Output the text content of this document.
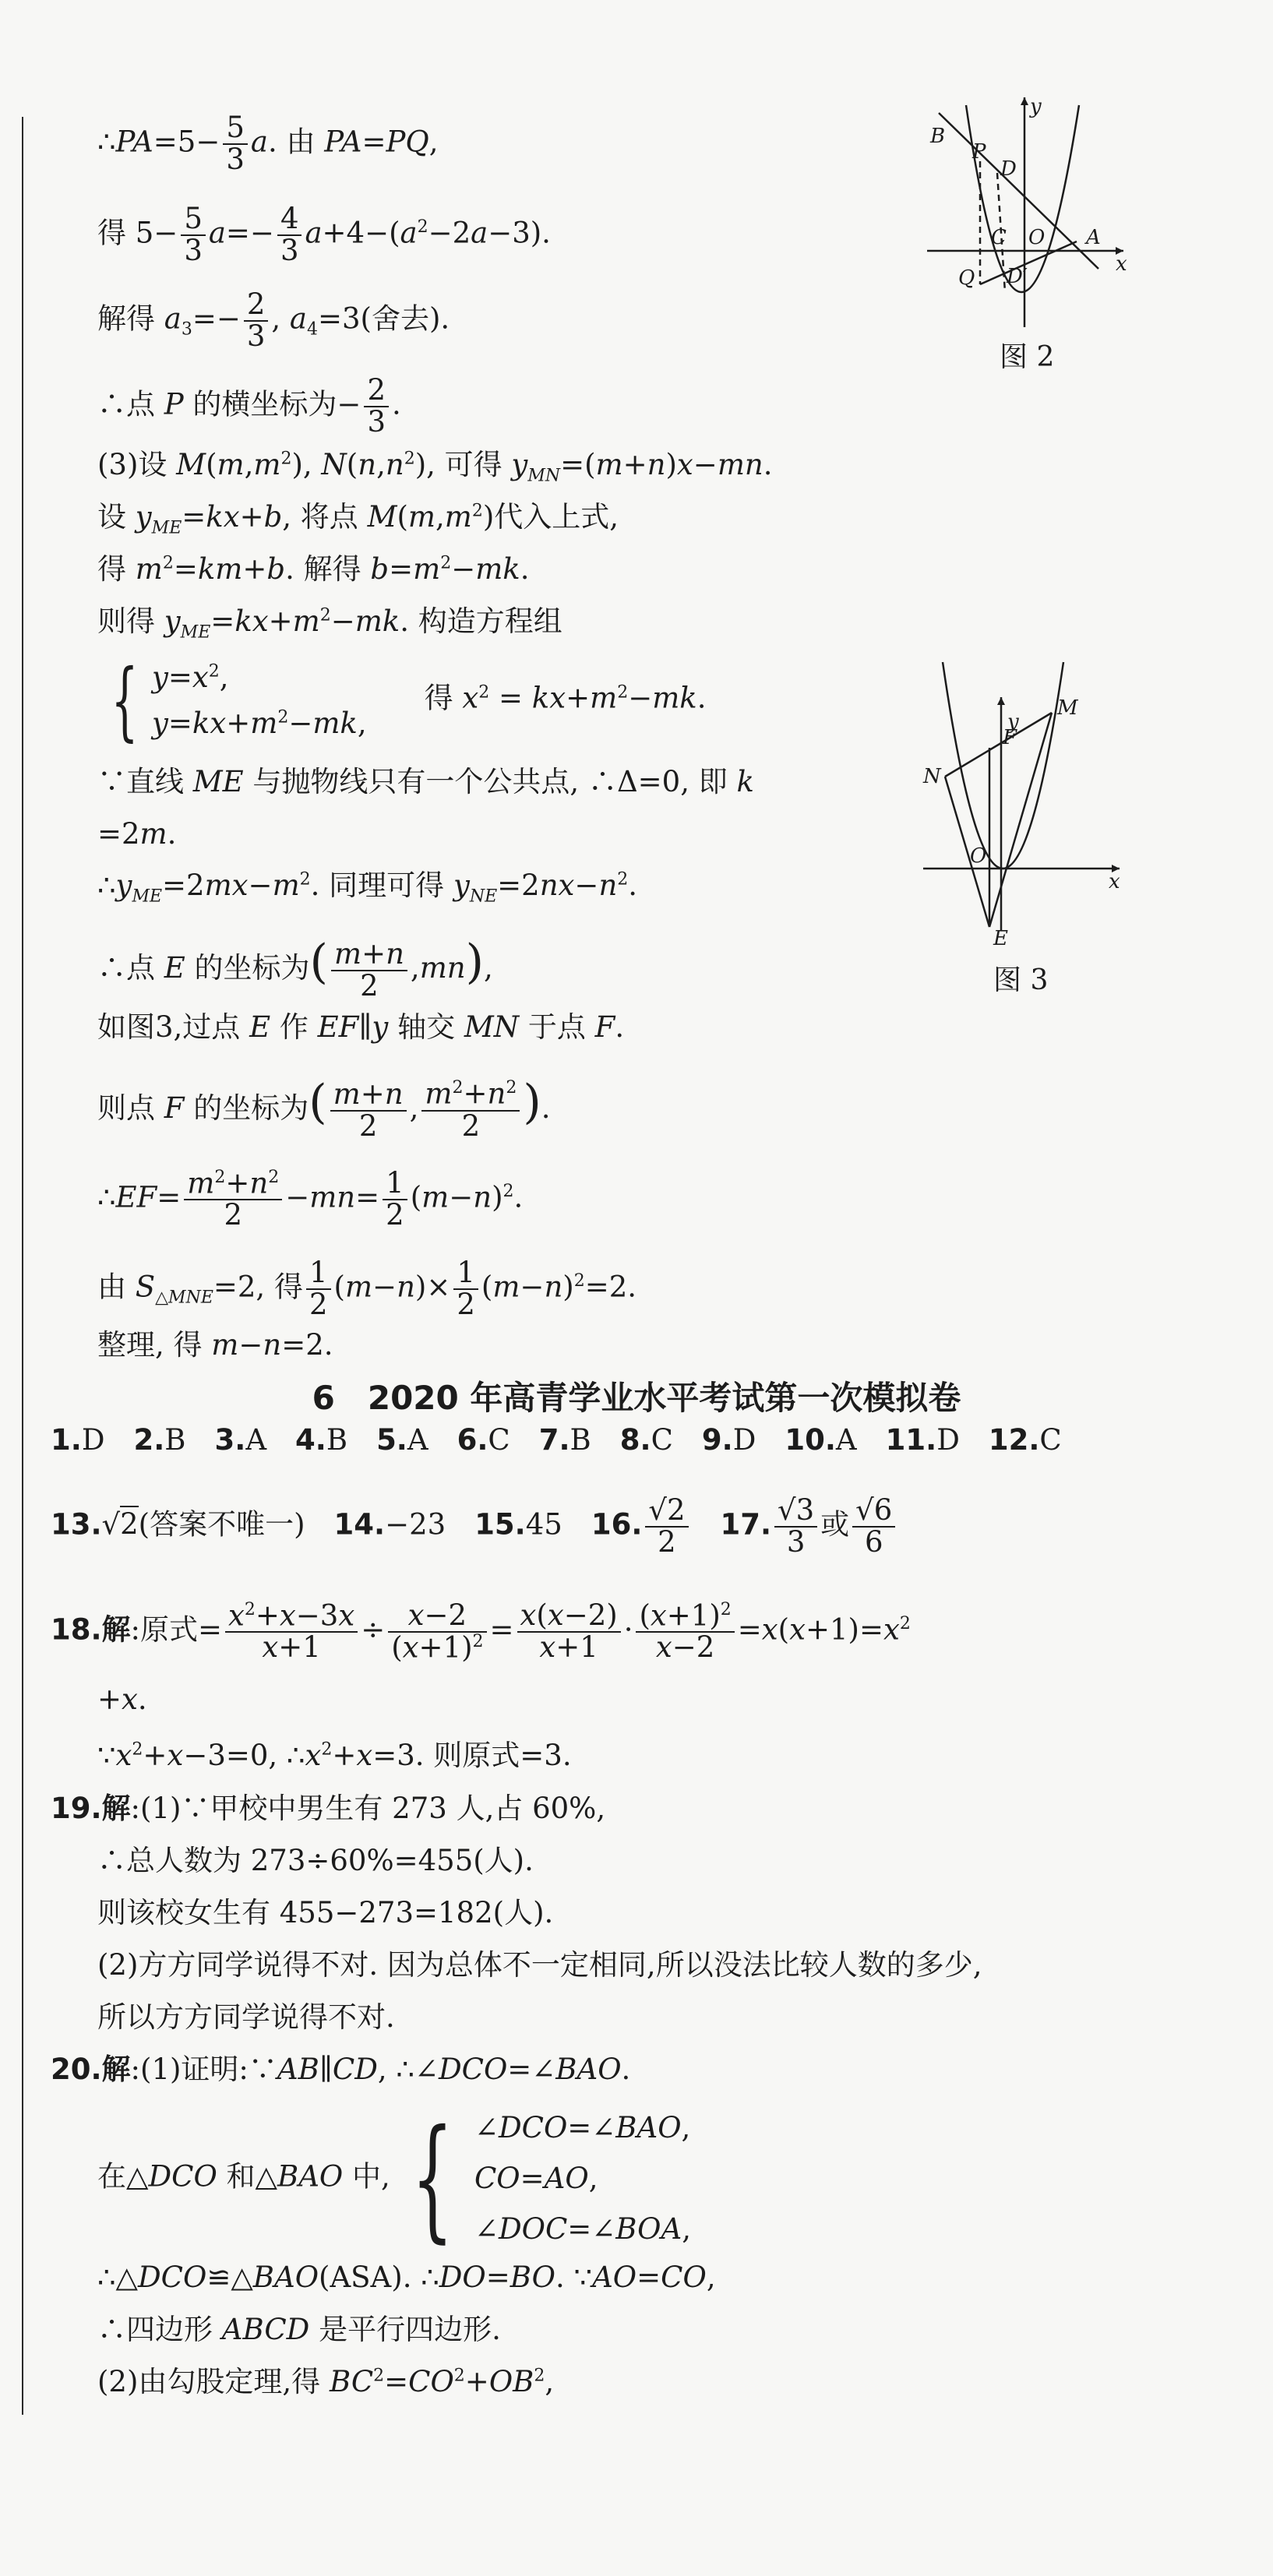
∴PA=5− $\frac{5}{3} a$. 由 PA=PQ,
得 $5- \frac{5}{3} a=- \frac{4}{3} a+4-(a^2-2a-3)$.
解得 $a_3=- \frac{2}{3}$ , $a_4=3$(舍去).
∴点 P 的横坐标为− $\frac{2}{3}$ .
(3)设 $M(m,m^2)$, $N(n,n^2)$, 可得 $y_{MN}=(m+n)x-mn$.
设 $y_{ME}=kx+b$, 将点 $M(m,m^2)$代入上式,
得 $m^2=km+b$. 解得 $b=m^2-mk$.
则得 $y_{ME}=kx+m^2-mk$. 构造方程组
{ $y=x^2$,
$y=kx+m^2-mk$,
　　得 $x^2 = kx+m^2-mk$.
∵直线 ME 与抛物线只有一个公共点, ∴Δ=0, 即 k
=2m.
$\therefore y_{ME}=2mx-m^2$. 同理可得 $y_{NE}=2nx-n^2$.
∴点 E 的坐标为( $\frac{m+n}{2} ,mn$),
如图3,过点 E 作 EF∥y 轴交 MN 于点 F.
则点 F 的坐标为( $\frac{m+n}{2}$ , $\frac{m^2+n^2}{2}$ ).
∴EF= $\frac{m^2+n^2}{2} -mn= \frac{1}{2} (m-n)^2$.
由 $S_{\triangle MNE}=2$, 得 $\frac{1}{2} (m-n)\times \frac{1}{2} (m-n)^2=2$.
整理, 得 m−n=2.
6　2020 年高青学业水平考试第一次模拟卷
1.D　2.B　3.A　4.B　5.A　6.C　7.B　8.C　9.D　10.A　11.D　12.C
13.√2(答案不唯一)　14.−23　15.45　16. $\frac{√2}{2}$
　 17. $\frac{√3}{3}$ 或 $\frac{√6}{6}$
18.解:原式= $\frac{x^2+x-3x}{x+1} \div \frac{x-2}{(x+1)^2} = \frac{x(x-2)}{x+1} \cdot \frac{(x+1)^2}{x-2} =x(x+1)=x^2$
+x.
$\because x^2+x-3=0$, $\therefore x^2+x=3$. 则原式=3.
19.解:(1)∵甲校中男生有 273 人,占 60%,
∴总人数为 273÷60%=455(人).
则该校女生有 455−273=182(人).
(2)方方同学说得不对. 因为总体不一定相同,所以没法比较人数的多少,
所以方方同学说得不对.
20.解:(1)证明:∵AB∥CD, ∴∠DCO=∠BAO.
在△DCO 和△BAO 中, { ∠DCO=∠BAO,
CO=AO,
∠DOC=∠BOA,
∴△DCO≌△BAO(ASA). ∴DO=BO. ∵AO=CO,
∴四边形 ABCD 是平行四边形.
(2)由勾股定理,得 $BC^2=CO^2+OB^2$,
B
P
D
C O A
Q D′
x
y
图 2
M
N
F
O
E
x
y
图 3
